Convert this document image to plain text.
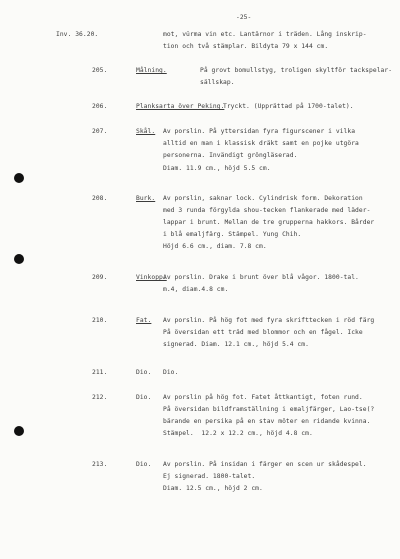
-25-
Inv. 36.20.	mot, vürma vin etc. Lantärnor i träden. Lång inskrip-
tion och två stämplar. Bildyta 79 x 144 cm.
205.	Målning.	På grovt bomullstyg, troligen skyltför tackspelar-
sällskap.
206.	Planksarta över Peking.
Tryckt. (Upprättad på 1700-talet).
207.	Skål. Av porslin. På yttersidan fyra figurscener i vilka
alltid en man i klassisk dräkt samt en pojke utgöra
personerna. Invändigt gröngläserad.
Diam. 11.9 cm., höjd 5.5 cm.
208.	Burk. Av porslin, saknar lock. Cylindrisk form. Dekoration
med 3 runda förgylda shou-tecken flankerade med läder-
lappar i brunt. Mellan de tre grupperna hakkors. Bårder
i blå emaljfärg. Stämpel. Yung Chih.
Höjd 6.6 cm., diam. 7.8 cm.
209.	Vinkopp.
Av porslin. Drake i brunt över blå vågor. 1800-tal.
m.4, diam.4.8 cm.
210.	Fat. Av porslin. På hög fot med fyra skrifttecken i röd färg
På översidan ett träd med blommor och en fågel. Icke
signerad. Diam. 12.1 cm., höjd 5.4 cm.
211.	Dio. Dio.
212.	Dio. Av porslin på hög fot. Fatet åttkantigt, foten rund.
På översidan bildframställning i emaljfärger, Lao-tse(?
bärande en persika på en stav möter en ridande kvinna.
Stämpel.  12.2 x 12.2 cm., höjd 4.8 cm.
213.	Dio. Av porslin. På insidan i färger en scen ur skådespel.
Ej signerad. 1800-talet.
Diam. 12.5 cm., höjd 2 cm.
